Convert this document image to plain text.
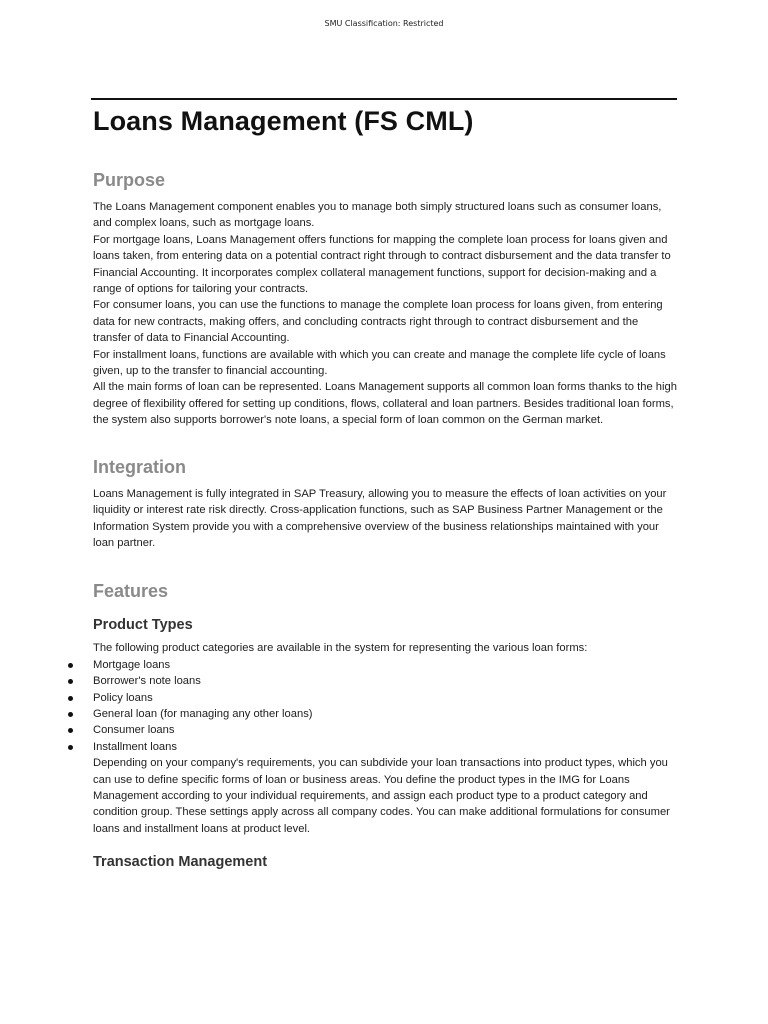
SMU Classification: Restricted
Loans Management (FS CML)
Purpose

The Loans Management component enables you to manage both simply structured loans such as consumer loans, and complex loans, such as mortgage loans.

For mortgage loans, Loans Management offers functions for mapping the complete loan process for loans given and loans taken, from entering data on a potential contract right through to contract disbursement and the data transfer to Financial Accounting. It incorporates complex collateral management functions, support for decision-making and a range of options for tailoring your contracts.

For consumer loans, you can use the functions to manage the complete loan process for loans given, from entering data for new contracts, making offers, and concluding contracts right through to contract disbursement and the transfer of data to Financial Accounting.

For installment loans, functions are available with which you can create and manage the complete life cycle of loans given, up to the transfer to financial accounting.

All the main forms of loan can be represented. Loans Management supports all common loan forms thanks to the high degree of flexibility offered for setting up conditions, flows, collateral and loan partners. Besides traditional loan forms, the system also supports borrower's note loans, a special form of loan common on the German market.

Integration

Loans Management is fully integrated in SAP Treasury, allowing you to measure the effects of loan activities on your liquidity or interest rate risk directly. Cross-application functions, such as SAP Business Partner Management or the Information System provide you with a comprehensive overview of the business relationships maintained with your loan partner.

Features
Product Types

The following product categories are available in the system for representing the various loan forms:

Mortgage loans
Borrower's note loans
Policy loans
General loan (for managing any other loans)
Consumer loans
Installment loans

Depending on your company's requirements, you can subdivide your loan transactions into product types, which you can use to define specific forms of loan or business areas. You define the product types in the IMG for Loans Management according to your individual requirements, and assign each product type to a product category and condition group. These settings apply across all company codes. You can make additional formulations for consumer loans and installment loans at product level.

Transaction Management
